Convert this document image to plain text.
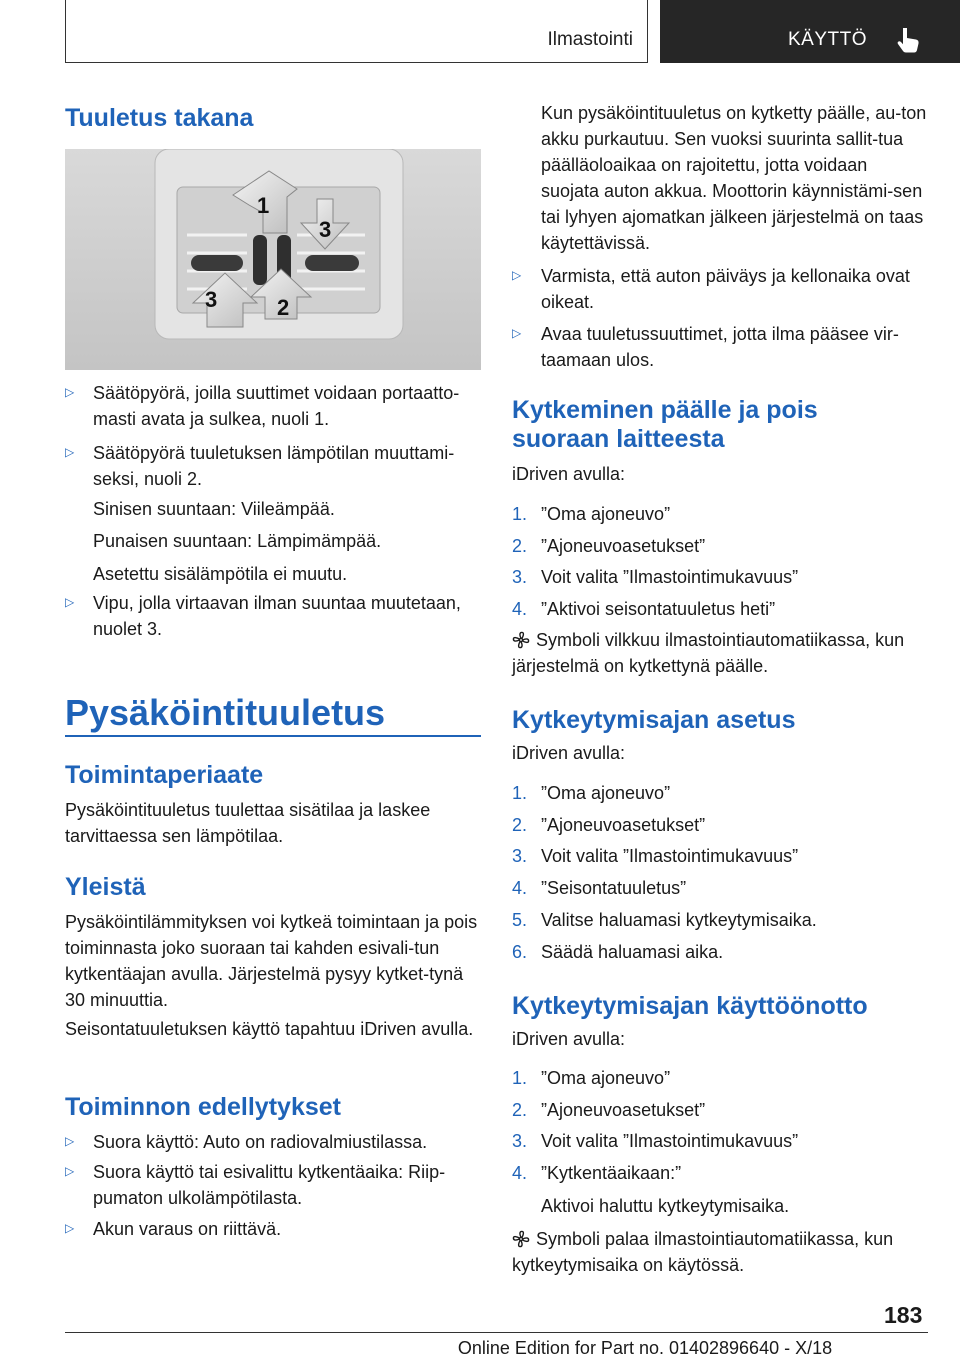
Ilmastointi	KÄYTTÖ
Tuuletus takana
1
2
3
3
▷ Säätöpyörä, joilla suuttimet voidaan portaatto-masti avata ja sulkea, nuoli 1.
▷ Säätöpyörä tuuletuksen lämpötilan muuttami-seksi, nuoli 2.

Sinisen suuntaan: Viileämpää.

Punaisen suuntaan: Lämpimämpää.

Asetettu sisälämpötila ei muutu.

▷ Vipu, jolla virtaavan ilman suuntaa muutetaan, nuolet 3.
Pysäköintituuletus
Toimintaperiaate

Pysäköintituuletus tuulettaa sisätilaa ja laskee tarvittaessa sen lämpötilaa.

Yleistä

Pysäköintilämmityksen voi kytkeä toimintaan ja pois toiminnasta joko suoraan tai kahden esivali-tun kytkentäajan avulla. Järjestelmä pysyy kytket-tynä 30 minuuttia.

Seisontatuuletuksen käyttö tapahtuu iDriven avulla.

Toiminnon edellytykset
▷ Suora käyttö: Auto on radiovalmiustilassa.
▷ Suora käyttö tai esivalittu kytkentäaika: Riip-pumaton ulkolämpötilasta.
▷ Akun varaus on riittävä.

Kun pysäköintituuletus on kytketty päälle, au-ton akku purkautuu. Sen vuoksi suurinta sallit-tua päälläoloaikaa on rajoitettu, jotta voidaan suojata auton akkua. Moottorin käynnistämi-sen tai lyhyen ajomatkan jälkeen järjestelmä on taas käytettävissä.

▷ Varmista, että auton päiväys ja kellonaika ovat oikeat.
▷ Avaa tuuletussuuttimet, jotta ilma pääsee vir-taamaan ulos.
Kytkeminen päälle ja pois suoraan laitteesta

iDriven avulla:

1. ”Oma ajoneuvo”
2. ”Ajoneuvoasetukset”
3. Voit valita ”Ilmastointimukavuus”
4. ”Aktivoi seisontatuuletus heti”

Symboli vilkkuu ilmastointiautomatiikassa, kun järjestelmä on kytkettynä päälle.

Kytkeytymisajan asetus

iDriven avulla:

1. ”Oma ajoneuvo”
2. ”Ajoneuvoasetukset”
3. Voit valita ”Ilmastointimukavuus”
4. ”Seisontatuuletus”
5. Valitse haluamasi kytkeytymisaika.
6. Säädä haluamasi aika.
Kytkeytymisajan käyttöönotto

iDriven avulla:

1. ”Oma ajoneuvo”
2. ”Ajoneuvoasetukset”
3. Voit valita ”Ilmastointimukavuus”
4. ”Kytkentäaikaan:”

Aktivoi haluttu kytkeytymisaika.

Symboli palaa ilmastointiautomatiikassa, kun kytkeytymisaika on käytössä.

183
Online Edition for Part no. 01402896640 - X/18
